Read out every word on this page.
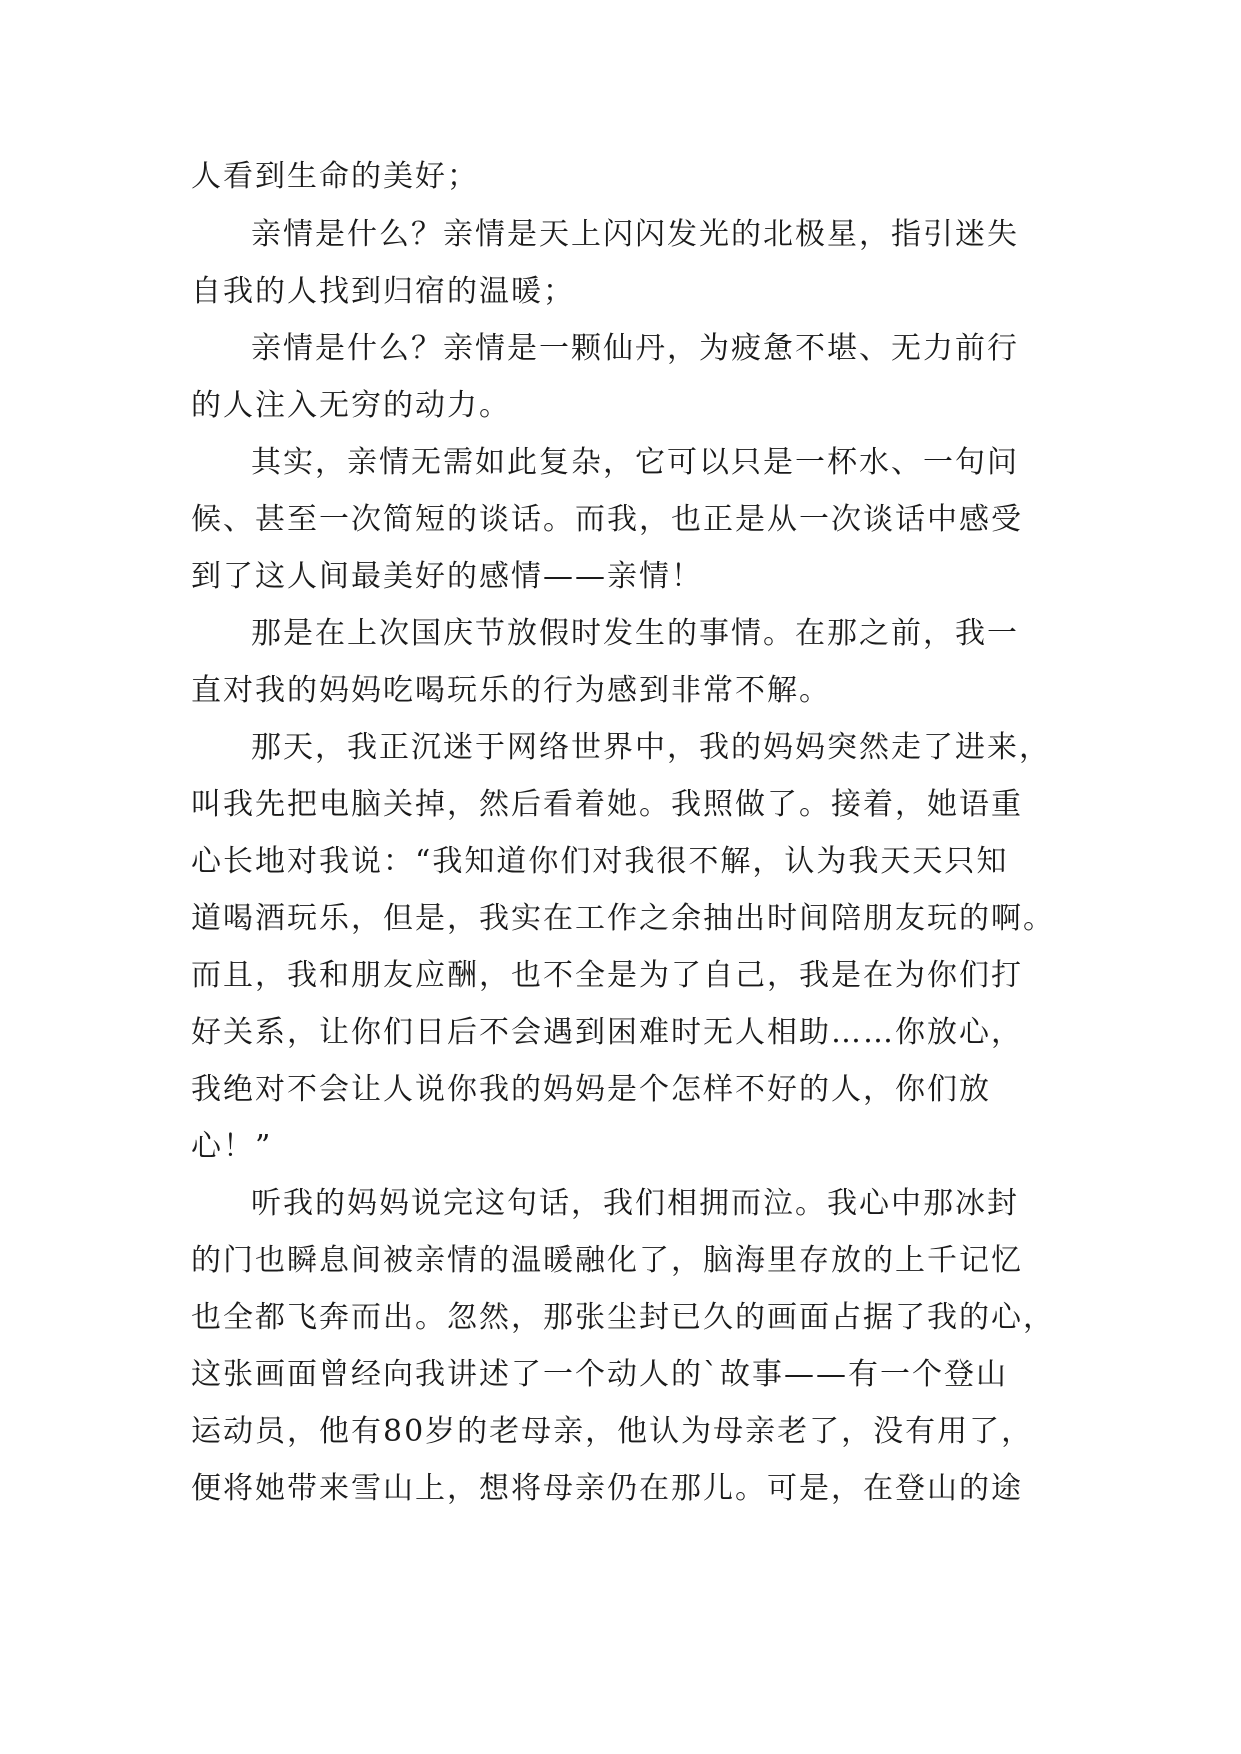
人看到生命的美好；
亲情是什么？亲情是天上闪闪发光的北极星，指引迷失
自我的人找到归宿的温暖；
亲情是什么？亲情是一颗仙丹，为疲惫不堪、无力前行
的人注入无穷的动力。
其实，亲情无需如此复杂，它可以只是一杯水、一句问
候、甚至一次简短的谈话。而我，也正是从一次谈话中感受
到了这人间最美好的感情——亲情！
那是在上次国庆节放假时发生的事情。在那之前，我一
直对我的妈妈吃喝玩乐的行为感到非常不解。
那天，我正沉迷于网络世界中，我的妈妈突然走了进来，
叫我先把电脑关掉，然后看着她。我照做了。接着，她语重
心长地对我说：“我知道你们对我很不解，认为我天天只知
道喝酒玩乐，但是，我实在工作之余抽出时间陪朋友玩的啊。
而且，我和朋友应酬，也不全是为了自己，我是在为你们打
好关系，让你们日后不会遇到困难时无人相助……你放心，
我绝对不会让人说你我的妈妈是个怎样不好的人，你们放
心！”
听我的妈妈说完这句话，我们相拥而泣。我心中那冰封
的门也瞬息间被亲情的温暖融化了，脑海里存放的上千记忆
也全都飞奔而出。忽然，那张尘封已久的画面占据了我的心，
这张画面曾经向我讲述了一个动人的`故事——有一个登山
运动员，他有80岁的老母亲，他认为母亲老了，没有用了，
便将她带来雪山上，想将母亲仍在那儿。可是，在登山的途
